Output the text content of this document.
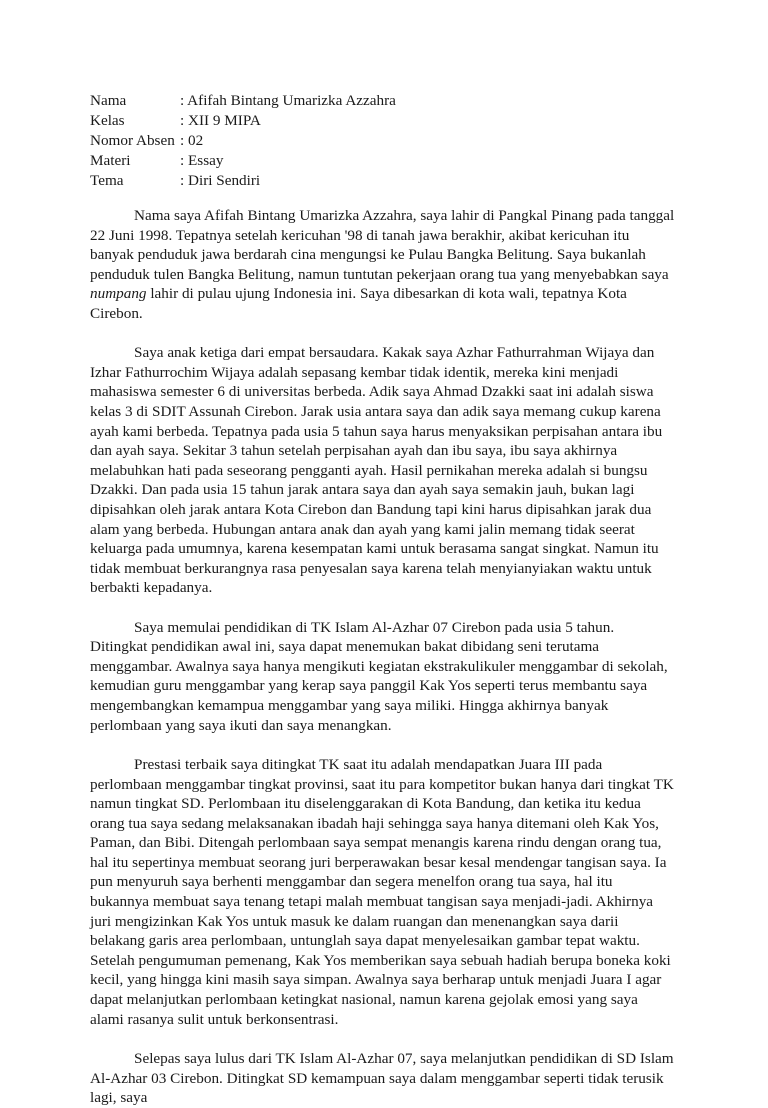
Nama	: Afifah Bintang Umarizka Azzahra
Kelas	: XII 9 MIPA
Nomor Absen : 02
Materi	: Essay
Tema	: Diri Sendiri

Nama saya Afifah Bintang Umarizka Azzahra, saya lahir di Pangkal Pinang pada tanggal 22 Juni 1998. Tepatnya setelah kericuhan '98 di tanah jawa berakhir, akibat kericuhan itu banyak penduduk jawa berdarah cina mengungsi ke Pulau Bangka Belitung. Saya bukanlah penduduk tulen Bangka Belitung, namun tuntutan pekerjaan orang tua yang menyebabkan saya numpang lahir di pulau ujung Indonesia ini. Saya dibesarkan di kota wali, tepatnya Kota Cirebon.

Saya anak ketiga dari empat bersaudara. Kakak saya Azhar Fathurrahman Wijaya dan Izhar Fathurrochim Wijaya adalah sepasang kembar tidak identik, mereka kini menjadi mahasiswa semester 6 di universitas berbeda. Adik saya Ahmad Dzakki saat ini adalah siswa kelas 3 di SDIT Assunah Cirebon. Jarak usia antara saya dan adik saya memang cukup karena ayah kami berbeda. Tepatnya pada usia 5 tahun saya harus menyaksikan perpisahan antara ibu dan ayah saya. Sekitar 3 tahun setelah perpisahan ayah dan ibu saya, ibu saya akhirnya melabuhkan hati pada seseorang pengganti ayah. Hasil pernikahan mereka adalah si bungsu Dzakki. Dan pada usia 15 tahun jarak antara saya dan ayah saya semakin jauh, bukan lagi dipisahkan oleh jarak antara Kota Cirebon dan Bandung tapi kini harus dipisahkan jarak dua alam yang berbeda. Hubungan antara anak dan ayah yang kami jalin memang tidak seerat keluarga pada umumnya, karena kesempatan kami untuk berasama sangat singkat. Namun itu tidak membuat berkurangnya rasa penyesalan saya karena telah menyianyiakan waktu untuk berbakti kepadanya.

Saya memulai pendidikan di TK Islam Al-Azhar 07 Cirebon pada usia 5 tahun. Ditingkat pendidikan awal ini, saya dapat menemukan bakat dibidang seni terutama menggambar. Awalnya saya hanya mengikuti kegiatan ekstrakulikuler menggambar di sekolah, kemudian guru menggambar yang kerap saya panggil Kak Yos seperti terus membantu saya mengembangkan kemampua menggambar yang saya miliki. Hingga akhirnya banyak perlombaan yang saya ikuti dan saya menangkan.

Prestasi terbaik saya ditingkat TK saat itu adalah mendapatkan Juara III pada perlombaan menggambar tingkat provinsi, saat itu para kompetitor bukan hanya dari tingkat TK namun tingkat SD. Perlombaan itu diselenggarakan di Kota Bandung, dan ketika itu kedua orang tua saya sedang melaksanakan ibadah haji sehingga saya hanya ditemani oleh Kak Yos, Paman, dan Bibi. Ditengah perlombaan saya sempat menangis karena rindu dengan orang tua, hal itu sepertinya membuat seorang juri berperawakan besar kesal mendengar tangisan saya. Ia pun menyuruh saya berhenti menggambar dan segera menelfon orang tua saya, hal itu bukannya membuat saya tenang tetapi malah membuat tangisan saya menjadi-jadi. Akhirnya juri mengizinkan Kak Yos untuk masuk ke dalam ruangan dan menenangkan saya darii belakang garis area perlombaan, untunglah saya dapat menyelesaikan gambar tepat waktu. Setelah pengumuman pemenang, Kak Yos memberikan saya sebuah hadiah berupa boneka koki kecil, yang hingga kini masih saya simpan. Awalnya saya berharap untuk menjadi Juara I agar dapat melanjutkan perlombaan ketingkat nasional, namun karena gejolak emosi yang saya alami rasanya sulit untuk berkonsentrasi.

Selepas saya lulus dari TK Islam Al-Azhar 07, saya melanjutkan pendidikan di SD Islam Al-Azhar 03 Cirebon. Ditingkat SD kemampuan saya dalam menggambar seperti tidak terusik lagi, saya
